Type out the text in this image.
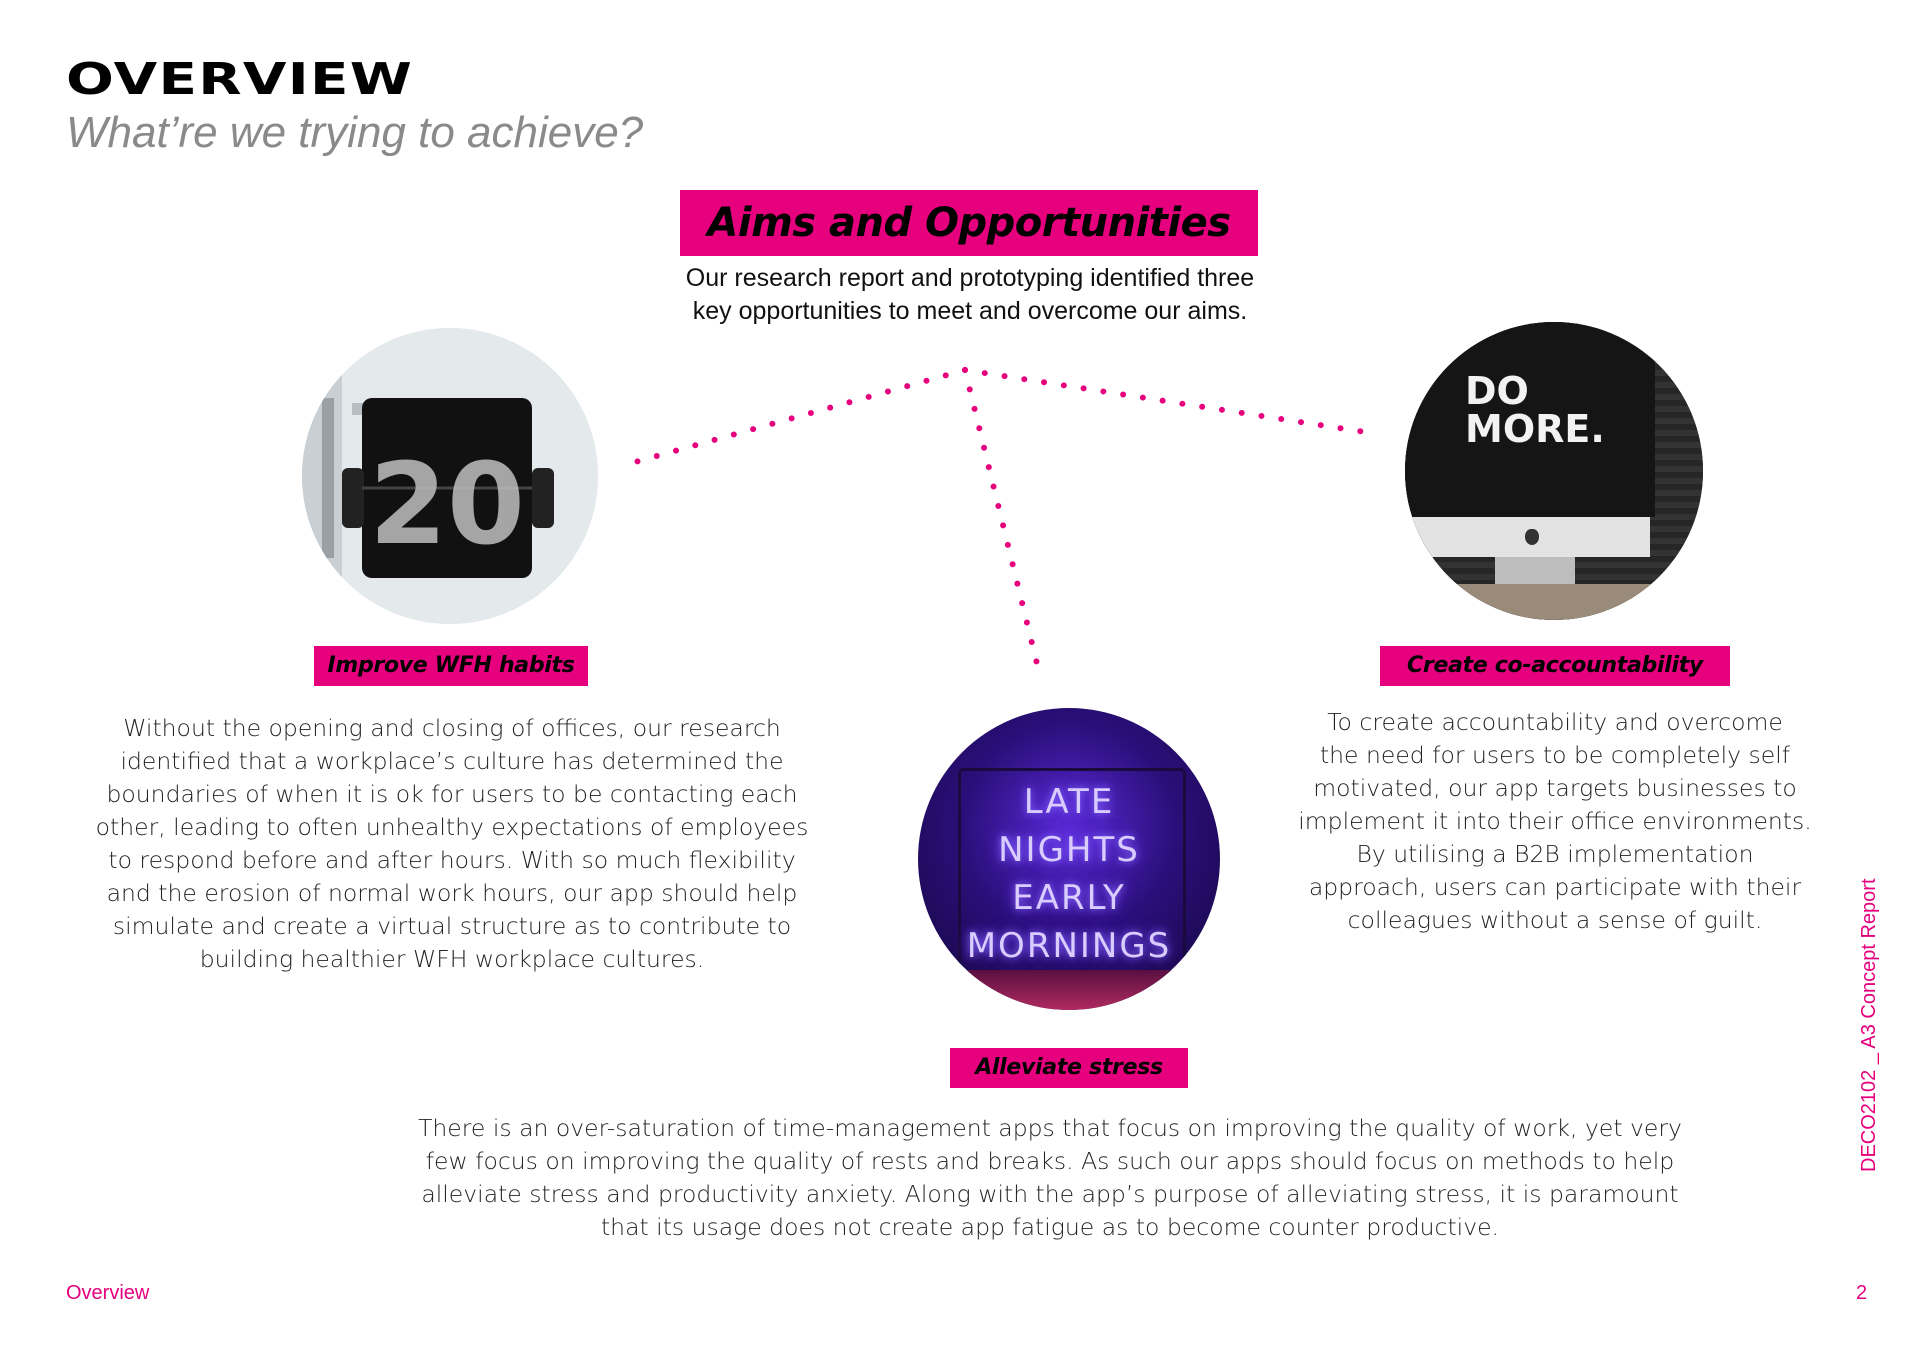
OVERVIEW
What’re we trying to achieve?
Aims and Opportunities
Our research report and prototyping identified three
key opportunities to meet and overcome our aims.
20
LATE
NIGHTS
EARLY
MORNINGS
DO
MORE.
Improve WFH habits	Create co-accountability
Alleviate stress
Without the opening and closing of offices, our research
identified that a workplace’s culture has determined the
boundaries of when it is ok for users to be contacting each
other, leading to often unhealthy expectations of employees
to respond before and after hours. With so much flexibility
and the erosion of normal work hours, our app should help
simulate and create a virtual structure as to contribute to
building healthier WFH workplace cultures.
To create accountability and overcome
the need for users to be completely self
motivated, our app targets businesses to
implement it into their office environments.
By utilising a B2B implementation
approach, users can participate with their
colleagues without a sense of guilt.
There is an over-saturation of time-management apps that focus on improving the quality of work, yet very
few focus on improving the quality of rests and breaks. As such our apps should focus on methods to help
alleviate stress and productivity anxiety. Along with the app’s purpose of alleviating stress, it is paramount
that its usage does not create app fatigue as to become counter productive.
Overview	2
DECO2102 _ A3 Concept Report
